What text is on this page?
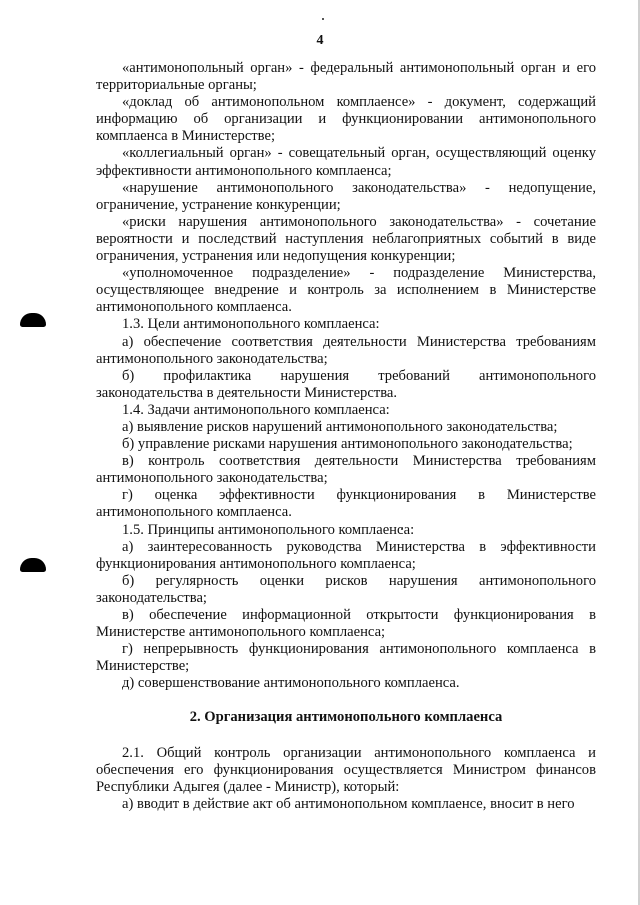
4

«антимонопольный орган» - федеральный антимонопольный орган и его территориальные органы;

«доклад об антимонопольном комплаенсе» - документ, содержащий информацию об организации и функционировании антимонопольного комплаенса в Министерстве;

«коллегиальный орган» - совещательный орган, осуществляющий оценку эффективности антимонопольного комплаенса;

«нарушение антимонопольного законодательства» - недопущение, ограничение, устранение конкуренции;

«риски нарушения антимонопольного законодательства» - сочетание вероятности и последствий наступления неблагоприятных событий в виде ограничения, устранения или недопущения конкуренции;

«уполномоченное подразделение» - подразделение Министерства, осуществляющее внедрение и контроль за исполнением в Министерстве антимонопольного комплаенса.

1.3. Цели антимонопольного комплаенса:

а) обеспечение соответствия деятельности Министерства требованиям антимонопольного законодательства;

б) профилактика нарушения требований антимонопольного законодательства в деятельности Министерства.

1.4. Задачи антимонопольного комплаенса:

а) выявление рисков нарушений антимонопольного законодательства;

б) управление рисками нарушения антимонопольного законодательства;

в) контроль соответствия деятельности Министерства требованиям антимонопольного законодательства;

г) оценка эффективности функционирования в Министерстве антимонопольного комплаенса.

1.5. Принципы антимонопольного комплаенса:

а) заинтересованность руководства Министерства в эффективности функционирования антимонопольного комплаенса;

б) регулярность оценки рисков нарушения антимонопольного законодательства;

в) обеспечение информационной открытости функционирования в Министерстве антимонопольного комплаенса;

г) непрерывность функционирования антимонопольного комплаенса в Министерстве;

д) совершенствование антимонопольного комплаенса.

2. Организация антимонопольного комплаенса

2.1. Общий контроль организации антимонопольного комплаенса и обеспечения его функционирования осуществляется Министром финансов Республики Адыгея (далее - Министр), который:

а) вводит в действие акт об антимонопольном комплаенсе, вносит в него
